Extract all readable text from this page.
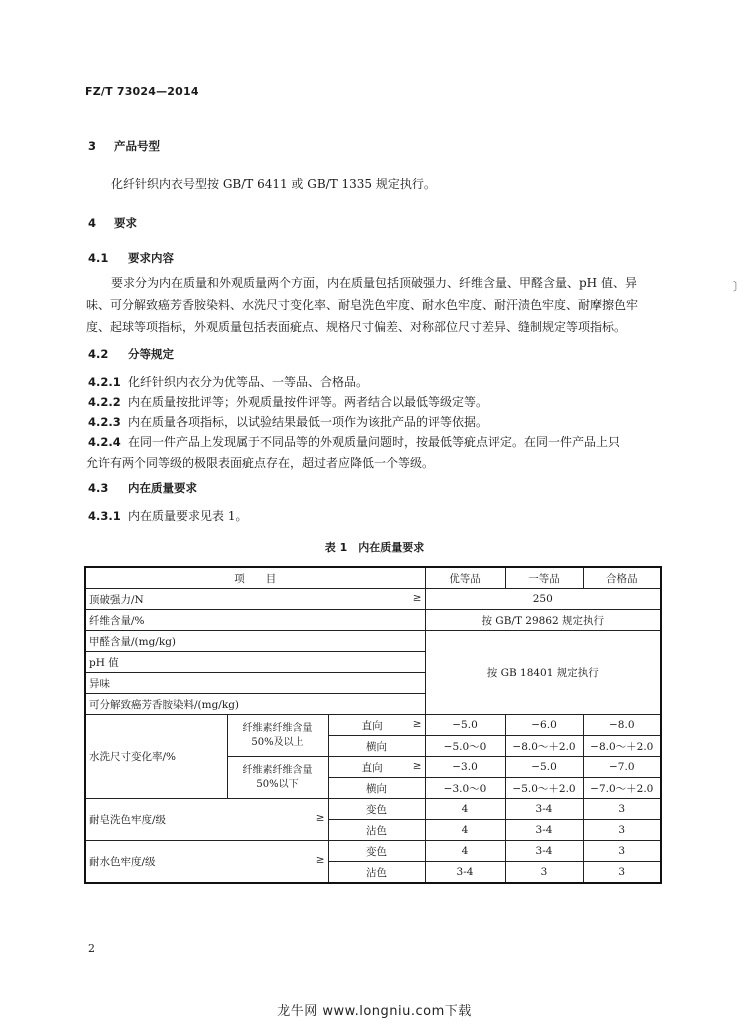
FZ/T 73024—2014
3 产品号型
化纤针织内衣号型按 GB/T 6411 或 GB/T 1335 规定执行。
4 要求
4.1 要求内容
要求分为内在质量和外观质量两个方面，内在质量包括顶破强力、纤维含量、甲醛含量、pH 值、异
味、可分解致癌芳香胺染料、水洗尺寸变化率、耐皂洗色牢度、耐水色牢度、耐汗渍色牢度、耐摩擦色牢
度、起球等项指标，外观质量包括表面疵点、规格尺寸偏差、对称部位尺寸差异、缝制规定等项指标。
4.2 分等规定
4.2.1 化纤针织内衣分为优等品、一等品、合格品。
4.2.2 内在质量按批评等；外观质量按件评等。两者结合以最低等级定等。
4.2.3 内在质量各项指标，以试验结果最低一项作为该批产品的评等依据。
4.2.4 在同一件产品上发现属于不同品等的外观质量问题时，按最低等疵点评定。在同一件产品上只
允许有两个同等级的极限表面疵点存在，超过者应降低一个等级。
4.3 内在质量要求
4.3.1 内在质量要求见表 1。
表 1　内在质量要求
项　　目			优等品	一等品	合格品
顶破强力/N ≥			250		
纤维含量/%			按 GB/T 29862 规定执行		
甲醛含量/(mg/kg)			按 GB 18401 规定执行		
pH 值					
异味					
可分解致癌芳香胺染料/(mg/kg)					
水洗尺寸变化率/%	纤维素纤维含量 50%及以上	直向 ≥	−5.0	−6.0	−8.0
		横向	−5.0～0	−8.0～＋2.0	−8.0～＋2.0
	纤维素纤维含量 50%以下	直向 ≥	−3.0	−5.0	−7.0
		横向	−3.0～0	−5.0～＋2.0	−7.0～＋2.0
耐皂洗色牢度/级 ≥		变色	4	3-4	3
		沾色	4	3-4	3
耐水色牢度/级 ≥		变色	4	3-4	3
		沾色	3-4	3	3
〕
2
龙牛网 www.longniu.com下载
